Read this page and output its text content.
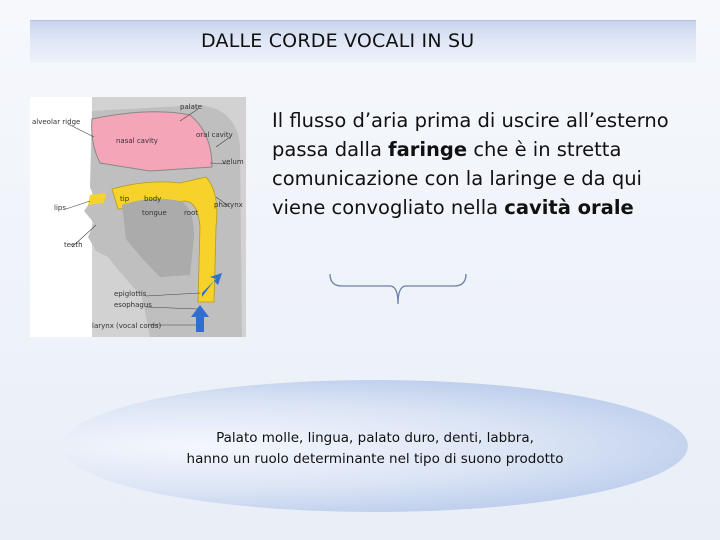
DALLE CORDE VOCALI IN SU
palate
alveolar ridge
nasal cavity
oral cavity
velum
lips
tip body
tongue root
pharynx
teeth
epiglottis
esophagus
larynx (vocal cords)
Il flusso d’aria prima di uscire all’esterno passa dalla faringe che è in stretta comunicazione con la laringe e da qui viene convogliato nella cavità orale
Palato molle, lingua, palato duro, denti, labbra,
hanno un ruolo determinante nel tipo di suono prodotto
